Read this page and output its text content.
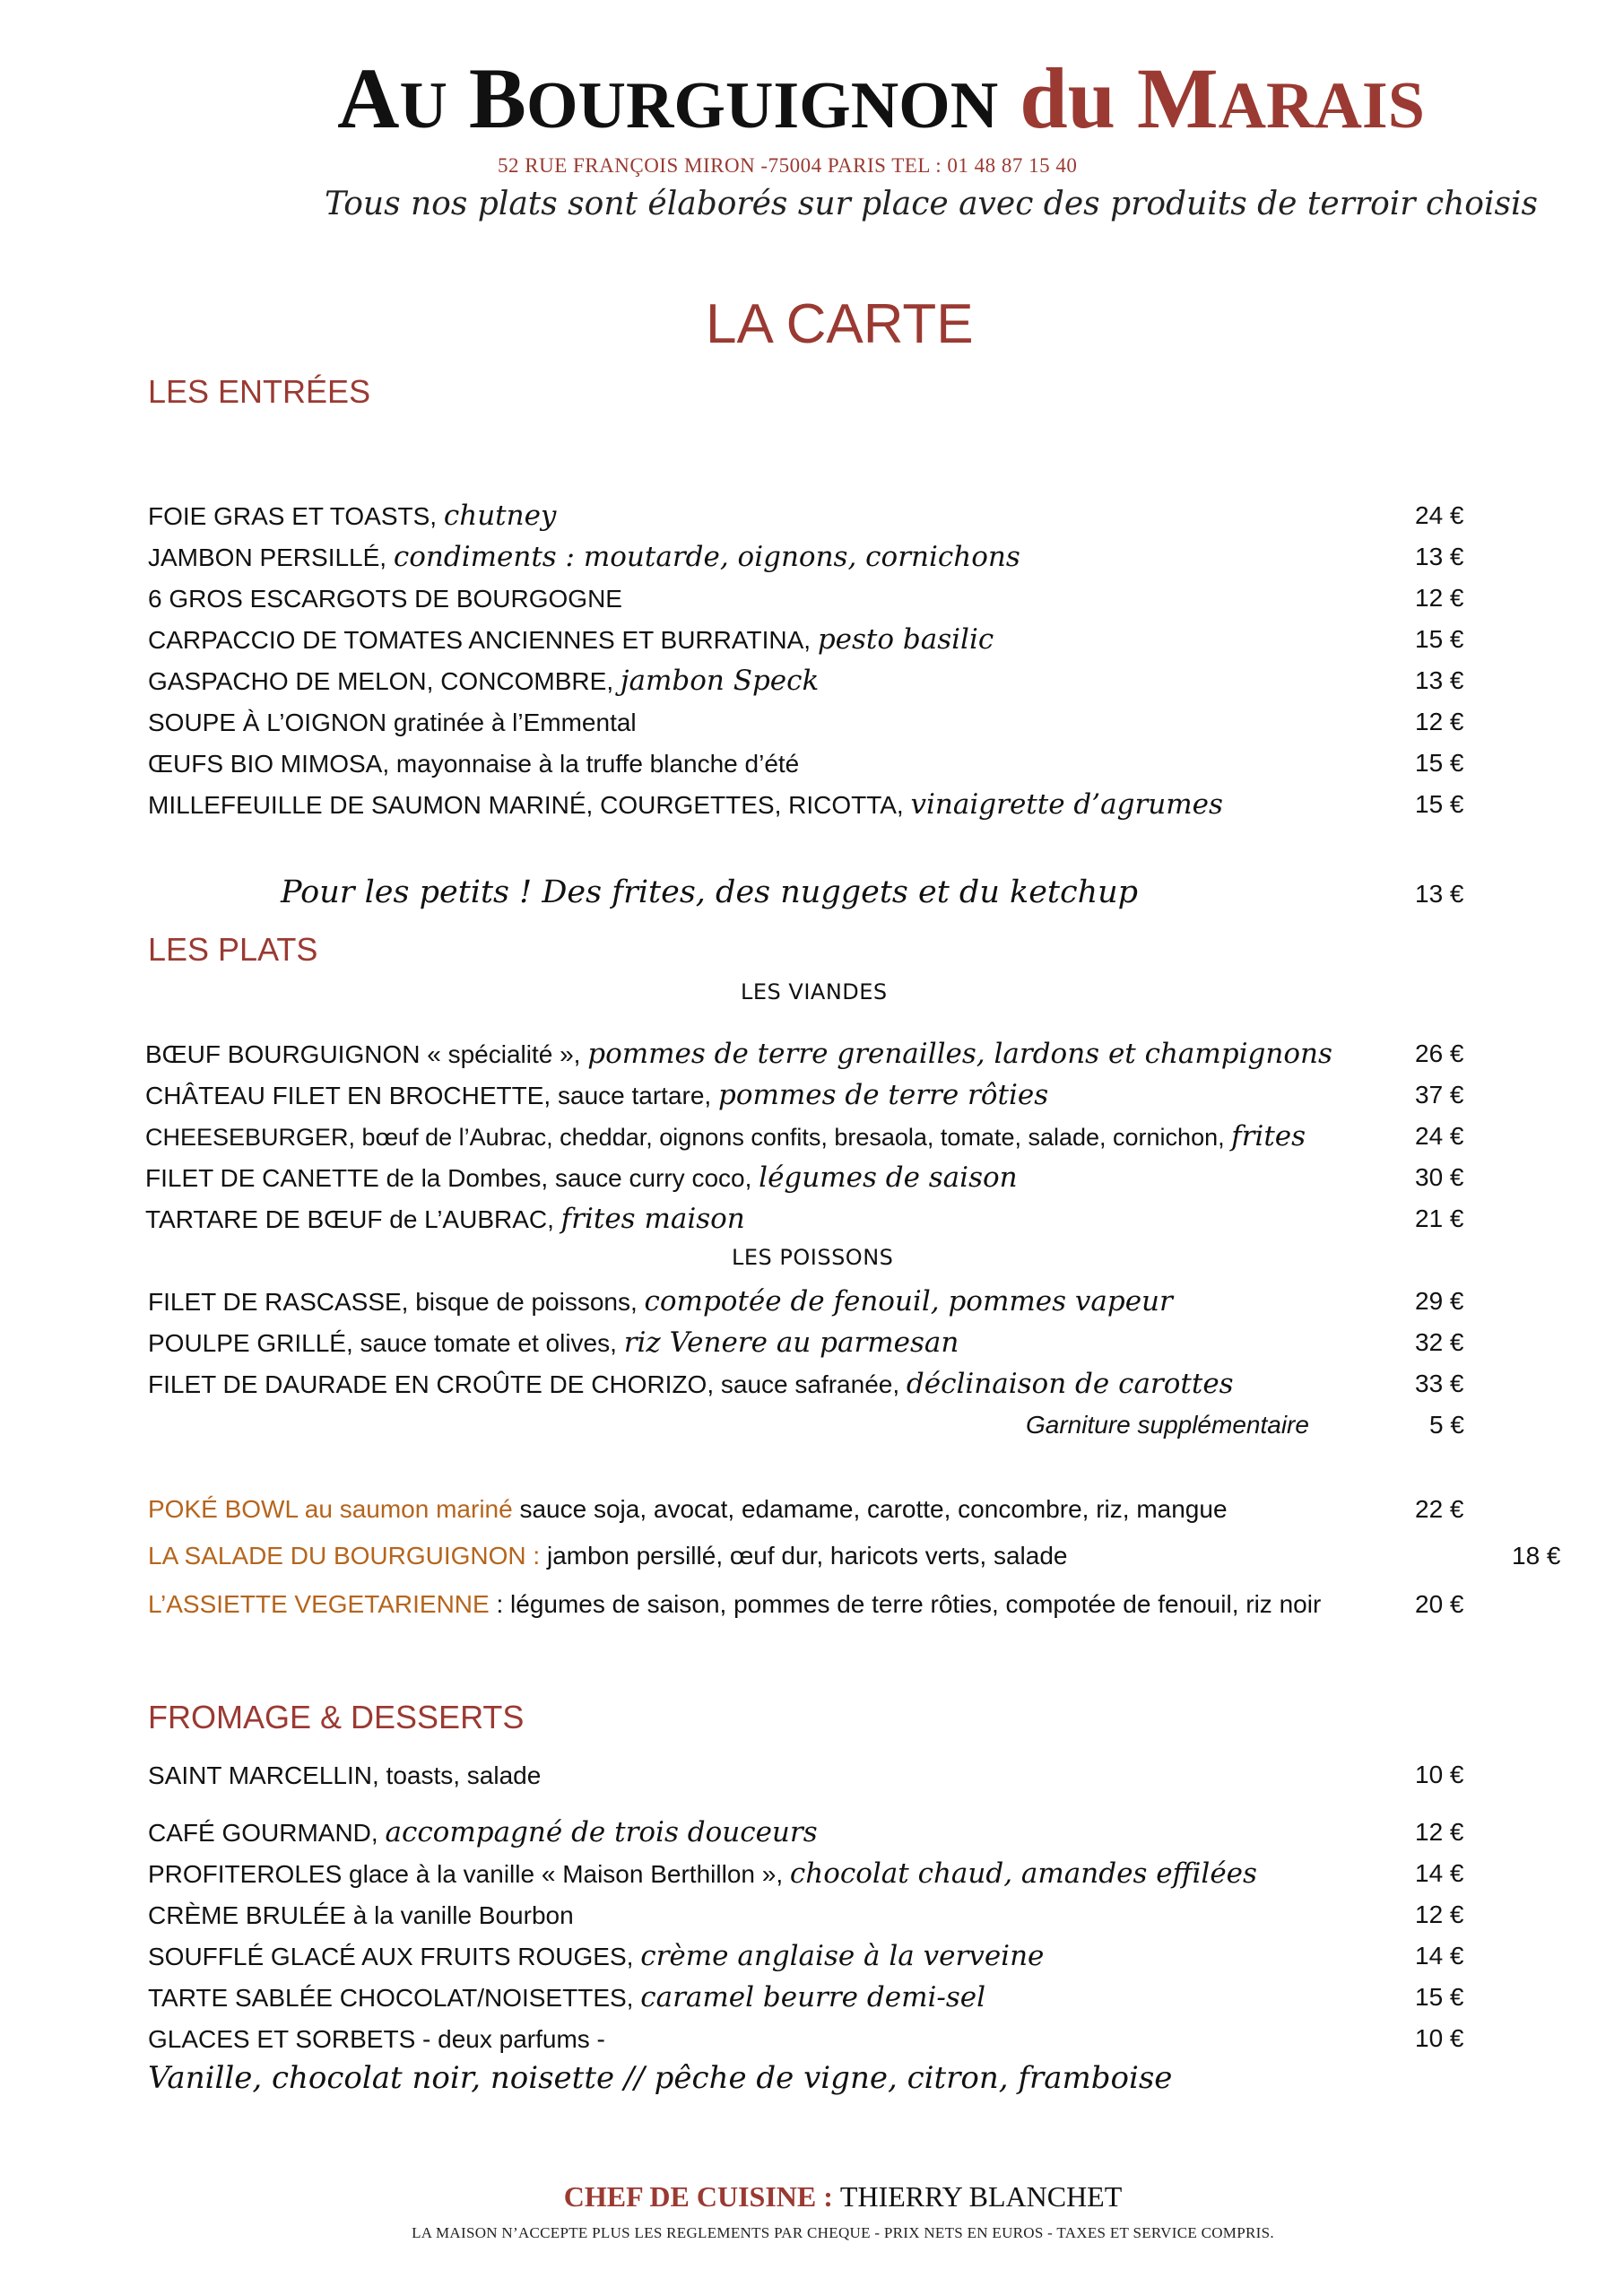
AU BOURGUIGNON du MARAIS
52 RUE FRANÇOIS MIRON -75004 PARIS TEL : 01 48 87 15 40
Tous nos plats sont élaborés sur place avec des produits de terroir choisis
LA CARTE
LES ENTRÉES
FOIE GRAS ET TOASTS, chutney	24 €
JAMBON PERSILLÉ, condiments : moutarde, oignons, cornichons	13 €
6 GROS ESCARGOTS DE BOURGOGNE	12 €
CARPACCIO DE TOMATES ANCIENNES ET BURRATINA, pesto basilic	15 €
GASPACHO DE MELON, CONCOMBRE, jambon Speck	13 €
SOUPE À L’OIGNON gratinée à l’Emmental	12 €
ŒUFS BIO MIMOSA, mayonnaise à la truffe blanche d’été	15 €
MILLEFEUILLE DE SAUMON MARINÉ, COURGETTES, RICOTTA, vinaigrette d’agrumes	15 €
Pour les petits ! Des frites, des nuggets et du ketchup	13 €
LES PLATS
LES VIANDES
BŒUF BOURGUIGNON « spécialité », pommes de terre grenailles, lardons et champignons	26 €
CHÂTEAU FILET EN BROCHETTE, sauce tartare, pommes de terre rôties	37 €
CHEESEBURGER, bœuf de l’Aubrac, cheddar, oignons confits, bresaola, tomate, salade, cornichon, frites	24 €
FILET DE CANETTE de la Dombes, sauce curry coco, légumes de saison	30 €
TARTARE DE BŒUF de L’AUBRAC, frites maison	21 €
LES POISSONS
FILET DE RASCASSE, bisque de poissons, compotée de fenouil, pommes vapeur	29 €
POULPE GRILLÉ, sauce tomate et olives, riz Venere au parmesan	32 €
FILET DE DAURADE EN CROÛTE DE CHORIZO, sauce safranée, déclinaison de carottes	33 €
Garniture supplémentaire	5 €
POKÉ BOWL au saumon mariné sauce soja, avocat, edamame, carotte, concombre, riz, mangue	22 €
LA SALADE DU BOURGUIGNON : jambon persillé, œuf dur, haricots verts, salade	18 €
L’ASSIETTE VEGETARIENNE : légumes de saison, pommes de terre rôties, compotée de fenouil, riz noir	20 €
FROMAGE & DESSERTS
SAINT MARCELLIN, toasts, salade	10 €
CAFÉ GOURMAND, accompagné de trois douceurs	12 €
PROFITEROLES glace à la vanille « Maison Berthillon », chocolat chaud, amandes effilées	14 €
CRÈME BRULÉE à la vanille Bourbon	12 €
SOUFFLÉ GLACÉ AUX FRUITS ROUGES, crème anglaise à la verveine	14 €
TARTE SABLÉE CHOCOLAT/NOISETTES, caramel beurre demi-sel	15 €
GLACES ET SORBETS - deux parfums -	10 €
Vanille, chocolat noir, noisette // pêche de vigne, citron, framboise
CHEF DE CUISINE : THIERRY BLANCHET
LA MAISON N’ACCEPTE PLUS LES REGLEMENTS PAR CHEQUE - PRIX NETS EN EUROS - TAXES ET SERVICE COMPRIS.
